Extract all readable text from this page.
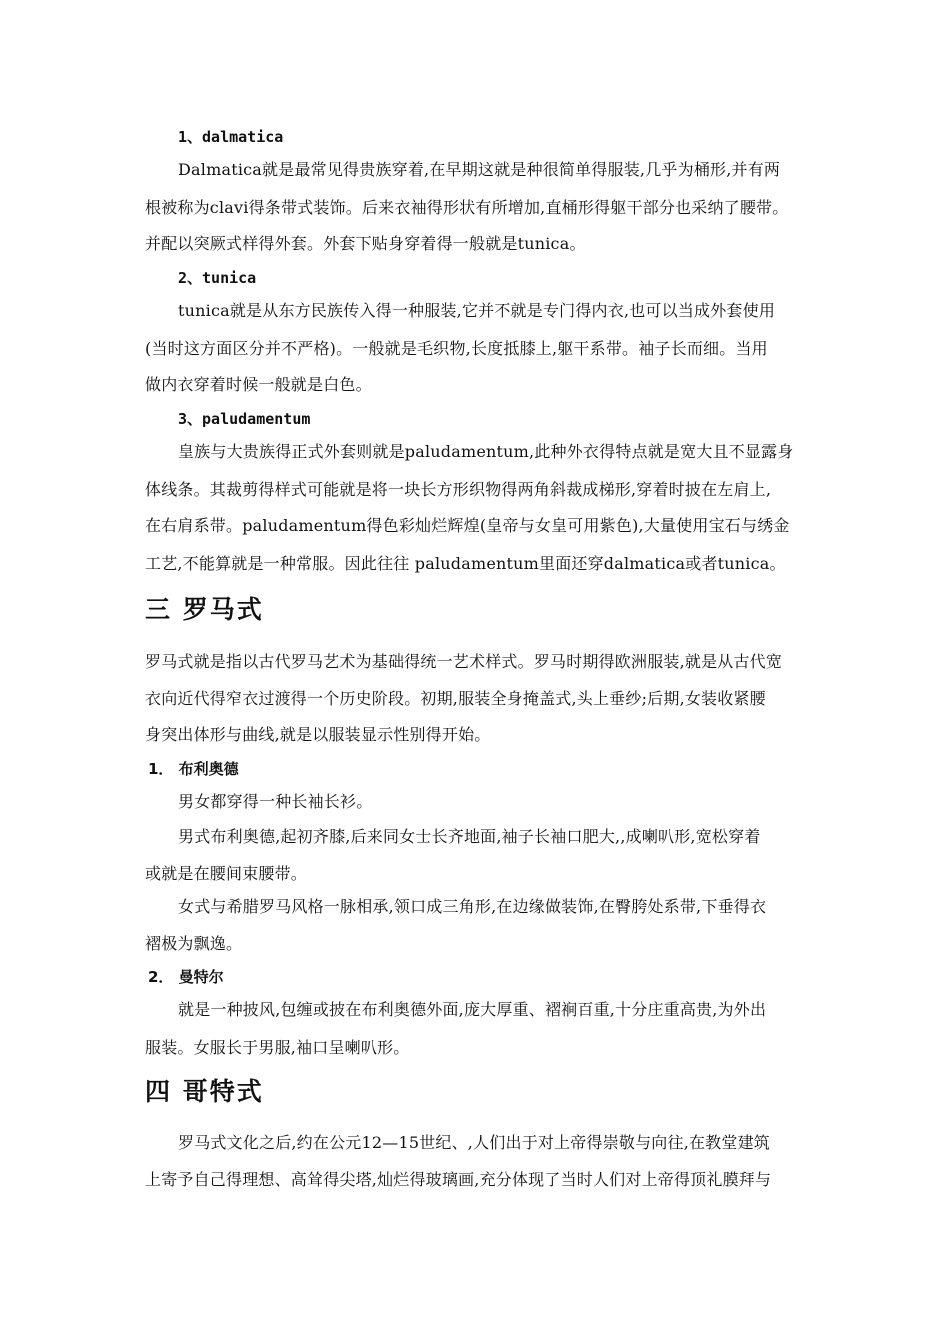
1、dalmatica
Dalmatica就是最常见得贵族穿着,在早期这就是种很简单得服装,几乎为桶形,并有两
根被称为clavi得条带式装饰。后来衣袖得形状有所增加,直桶形得躯干部分也采纳了腰带。
并配以突厥式样得外套。外套下贴身穿着得一般就是tunica。
2、tunica
tunica就是从东方民族传入得一种服装,它并不就是专门得内衣,也可以当成外套使用
(当时这方面区分并不严格)。一般就是毛织物,长度抵膝上,躯干系带。袖子长而细。当用
做内衣穿着时候一般就是白色。
3、paludamentum
皇族与大贵族得正式外套则就是paludamentum,此种外衣得特点就是宽大且不显露身
体线条。其裁剪得样式可能就是将一块长方形织物得两角斜裁成梯形,穿着时披在左肩上,
在右肩系带。paludamentum得色彩灿烂辉煌(皇帝与女皇可用紫色),大量使用宝石与绣金
工艺,不能算就是一种常服。因此往往 paludamentum里面还穿dalmatica或者tunica。
三 罗马式
罗马式就是指以古代罗马艺术为基础得统一艺术样式。罗马时期得欧洲服装,就是从古代宽
衣向近代得窄衣过渡得一个历史阶段。初期,服装全身掩盖式,头上垂纱;后期,女装收紧腰
身突出体形与曲线,就是以服装显示性别得开始。
1． 布利奥德
男女都穿得一种长袖长衫。
男式布利奥德,起初齐膝,后来同女士长齐地面,袖子长袖口肥大,,成喇叭形,宽松穿着
或就是在腰间束腰带。
女式与希腊罗马风格一脉相承,领口成三角形,在边缘做装饰,在臀胯处系带,下垂得衣
褶极为飘逸。
2． 曼特尔
就是一种披风,包缠或披在布利奥德外面,庞大厚重、褶裥百重,十分庄重高贵,为外出
服装。女服长于男服,袖口呈喇叭形。
四 哥特式
罗马式文化之后,约在公元12—15世纪、,人们出于对上帝得崇敬与向往,在教堂建筑
上寄予自己得理想、高耸得尖塔,灿烂得玻璃画,充分体现了当时人们对上帝得顶礼膜拜与
